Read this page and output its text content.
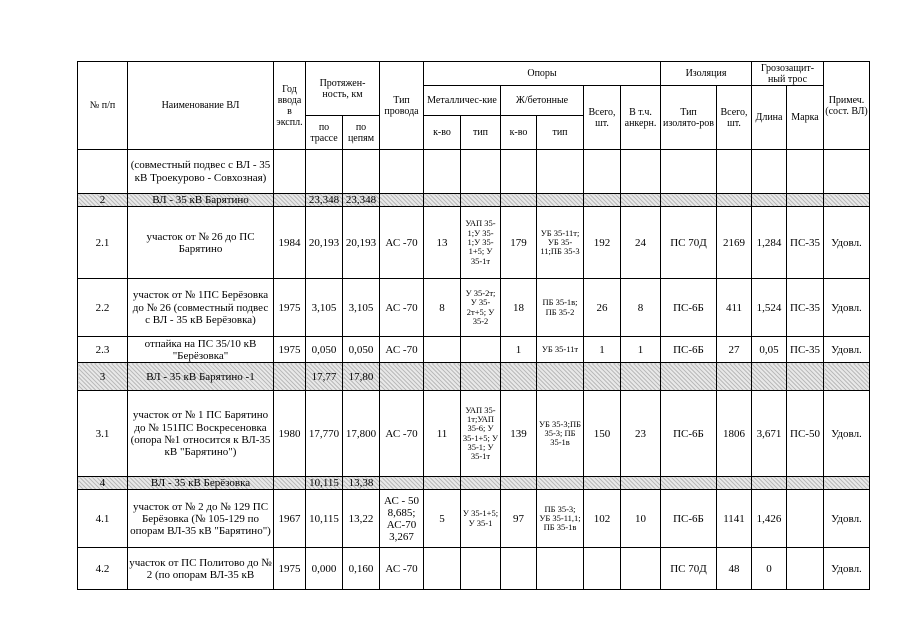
№ п/п	Наименование ВЛ	Год ввода в экспл.	Протяжен-ность, км		Тип провода	Опоры						Изоляция		Грозозащит-ный трос		Примеч. (сост. ВЛ)
						Металличес-кие		Ж/бетонные		Всего, шт.	В т.ч. анкерн.	Тип изолято-ров	Всего, шт.	Длина	Марка	
			по трассе	по цепям		к-во	тип	к-во	тип							
	(совместный подвес с ВЛ - 35 кВ Троекурово - Совхозная)															
2	ВЛ - 35 кВ Барятино		23,348	23,348												
2.1	участок от № 26 до ПС Барятино	1984	20,193	20,193	АС -70	13	УАП 35-1;У 35-1;У 35-1+5; У 35-1т	179	УБ 35-11т; УБ 35-11;ПБ 35-3	192	24	ПС 70Д	2169	1,284	ПС-35	Удовл.
2.2	участок от № 1ПС Берёзовка до № 26 (совместный подвес с ВЛ - 35 кВ Берёзовка)	1975	3,105	3,105	АС -70	8	У 35-2т; У 35-2т+5; У 35-2	18	ПБ 35-1в; ПБ 35-2	26	8	ПС-6Б	411	1,524	ПС-35	Удовл.
2.3	отпайка на ПС 35/10 кВ "Берёзовка"	1975	0,050	0,050	АС -70			1	УБ 35-11т	1	1	ПС-6Б	27	0,05	ПС-35	Удовл.
3	ВЛ - 35 кВ Барятино -1		17,77	17,80												
3.1	участок от № 1 ПС Барятино до № 151ПС Воскресеновка (опора №1 относится к ВЛ-35 кВ "Барятино")	1980	17,770	17,800	АС -70	11	УАП 35-1т;УАП 35-6; У 35-1+5; У 35-1; У 35-1т	139	УБ 35-3;ПБ 35-3; ПБ 35-1в	150	23	ПС-6Б	1806	3,671	ПС-50	Удовл.
4	ВЛ - 35 кВ Берёзовка		10,115	13,38												
4.1	участок от № 2 до № 129 ПС Берёзовка (№ 105-129 по опорам ВЛ-35 кВ "Барятино")	1967	10,115	13,22	АС - 50 8,685; АС-70 3,267	5	У 35-1+5; У 35-1	97	ПБ 35-3; УБ 35-11,1; ПБ 35-1в	102	10	ПС-6Б	1141	1,426		Удовл.
4.2	участок от ПС Политово до № 2 (по опорам ВЛ-35 кВ	1975	0,000	0,160	АС -70							ПС 70Д	48	0		Удовл.
